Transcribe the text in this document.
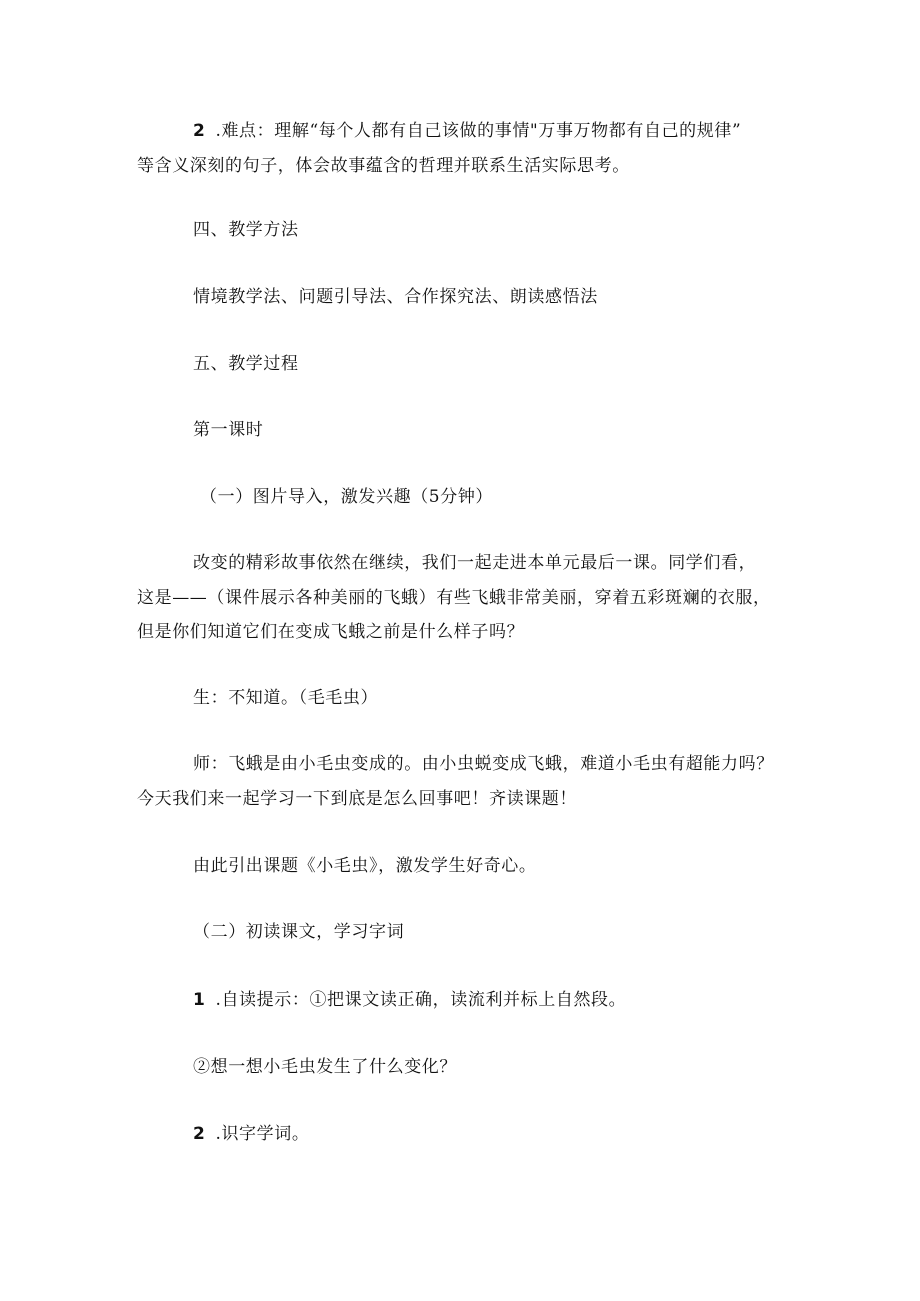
2 .难点：理解“每个人都有自己该做的事情"万事万物都有自己的规律”
等含义深刻的句子，体会故事蕴含的哲理并联系生活实际思考。
四、教学方法
情境教学法、问题引导法、合作探究法、朗读感悟法
五、教学过程
第一课时
（一）图片导入，激发兴趣（5分钟）
改变的精彩故事依然在继续，我们一起走进本单元最后一课。同学们看，
这是——（课件展示各种美丽的飞蛾）有些飞蛾非常美丽，穿着五彩斑斓的衣服，
但是你们知道它们在变成飞蛾之前是什么样子吗？
生：不知道。（毛毛虫）
师：飞蛾是由小毛虫变成的。由小虫蜕变成飞蛾，难道小毛虫有超能力吗？
今天我们来一起学习一下到底是怎么回事吧！齐读课题！
由此引出课题《小毛虫》，激发学生好奇心。
（二）初读课文，学习字词
1 .自读提示：①把课文读正确，读流利并标上自然段。
②想一想小毛虫发生了什么变化？
2 .识字学词。
